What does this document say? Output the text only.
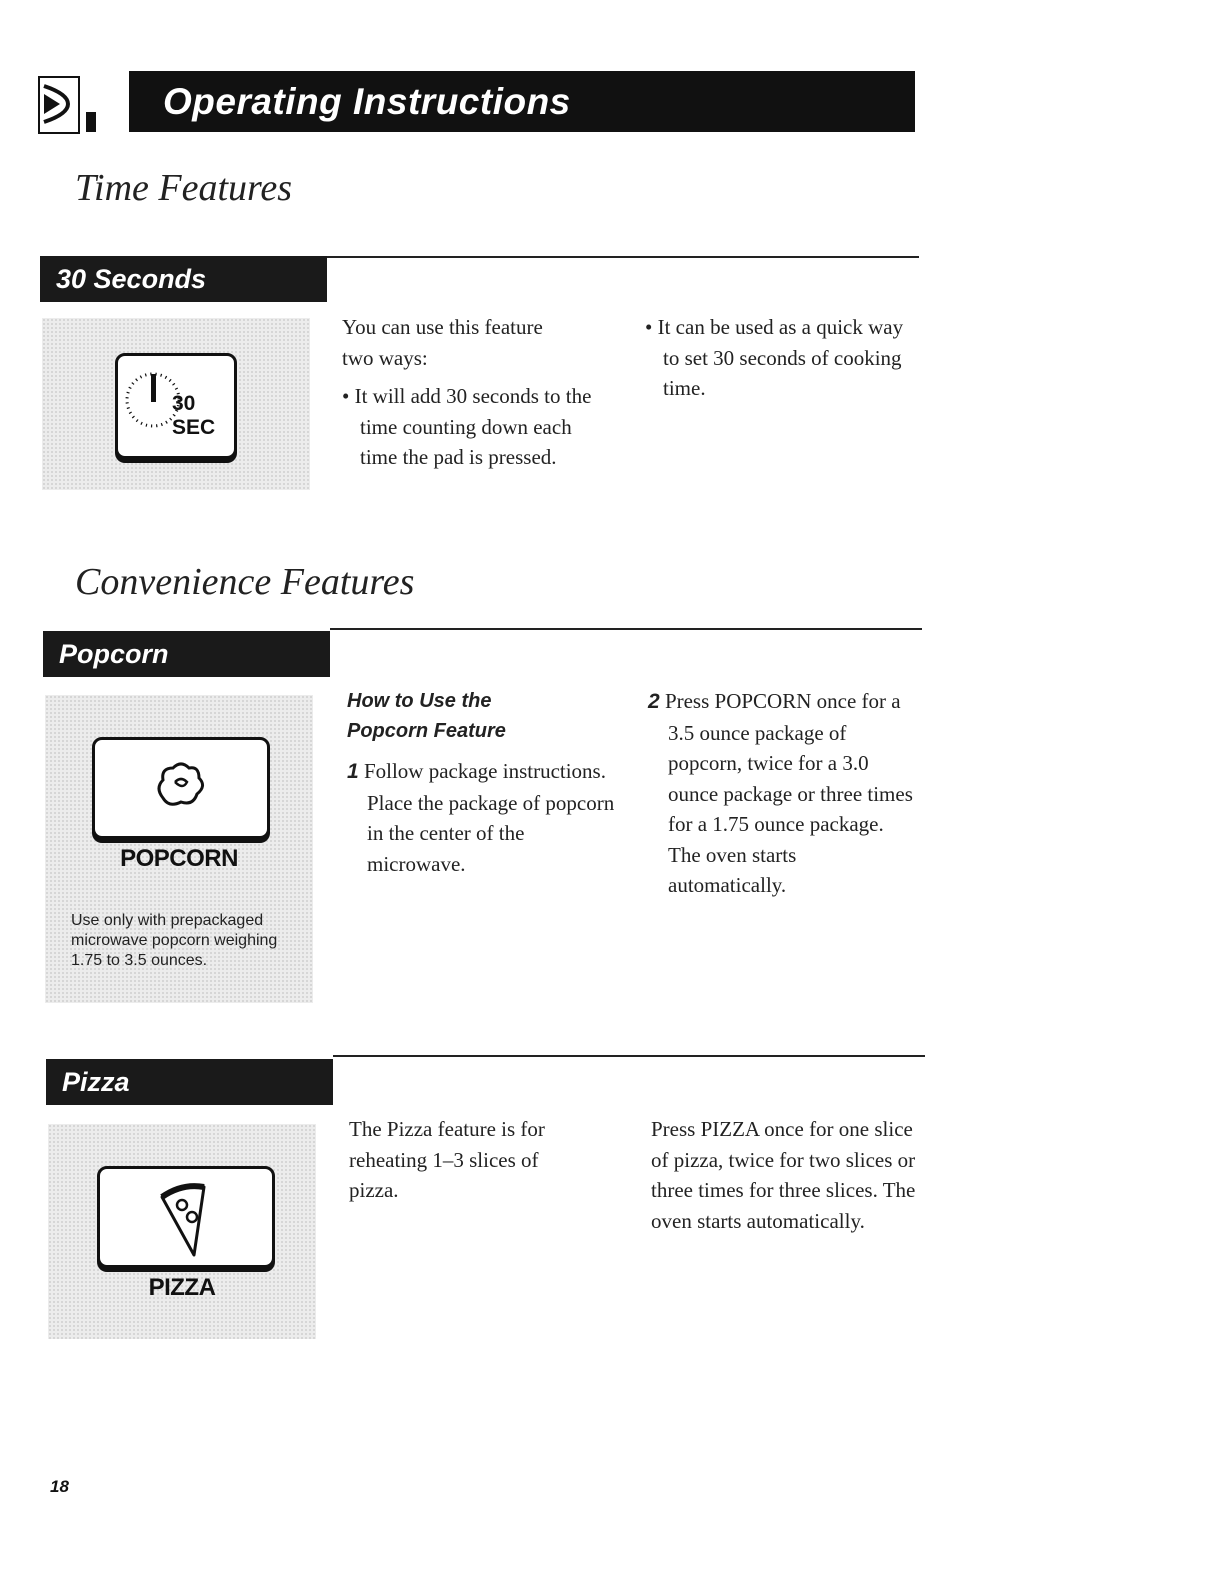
Operating Instructions
Time Features
30 Seconds
30 SEC

You can use this feature

two ways:

• It will add 30 seconds to the time counting down each time the pad is pressed.

• It can be used as a quick way to set 30 seconds of cooking time.

Convenience Features
Popcorn
POPCORN
Use only with prepackaged microwave popcorn weighing 1.75 to 3.5 ounces.
How to Use the Popcorn Feature

1 Follow package instructions. Place the package of popcorn in the center of the microwave.

2 Press POPCORN once for a 3.5 ounce package of popcorn, twice for a 3.0 ounce package or three times for a 1.75 ounce package. The oven starts automatically.

Pizza
PIZZA
The Pizza feature is for reheating 1–3 slices of pizza.
Press PIZZA once for one slice of pizza, twice for two slices or three times for three slices. The oven starts automatically.
18
